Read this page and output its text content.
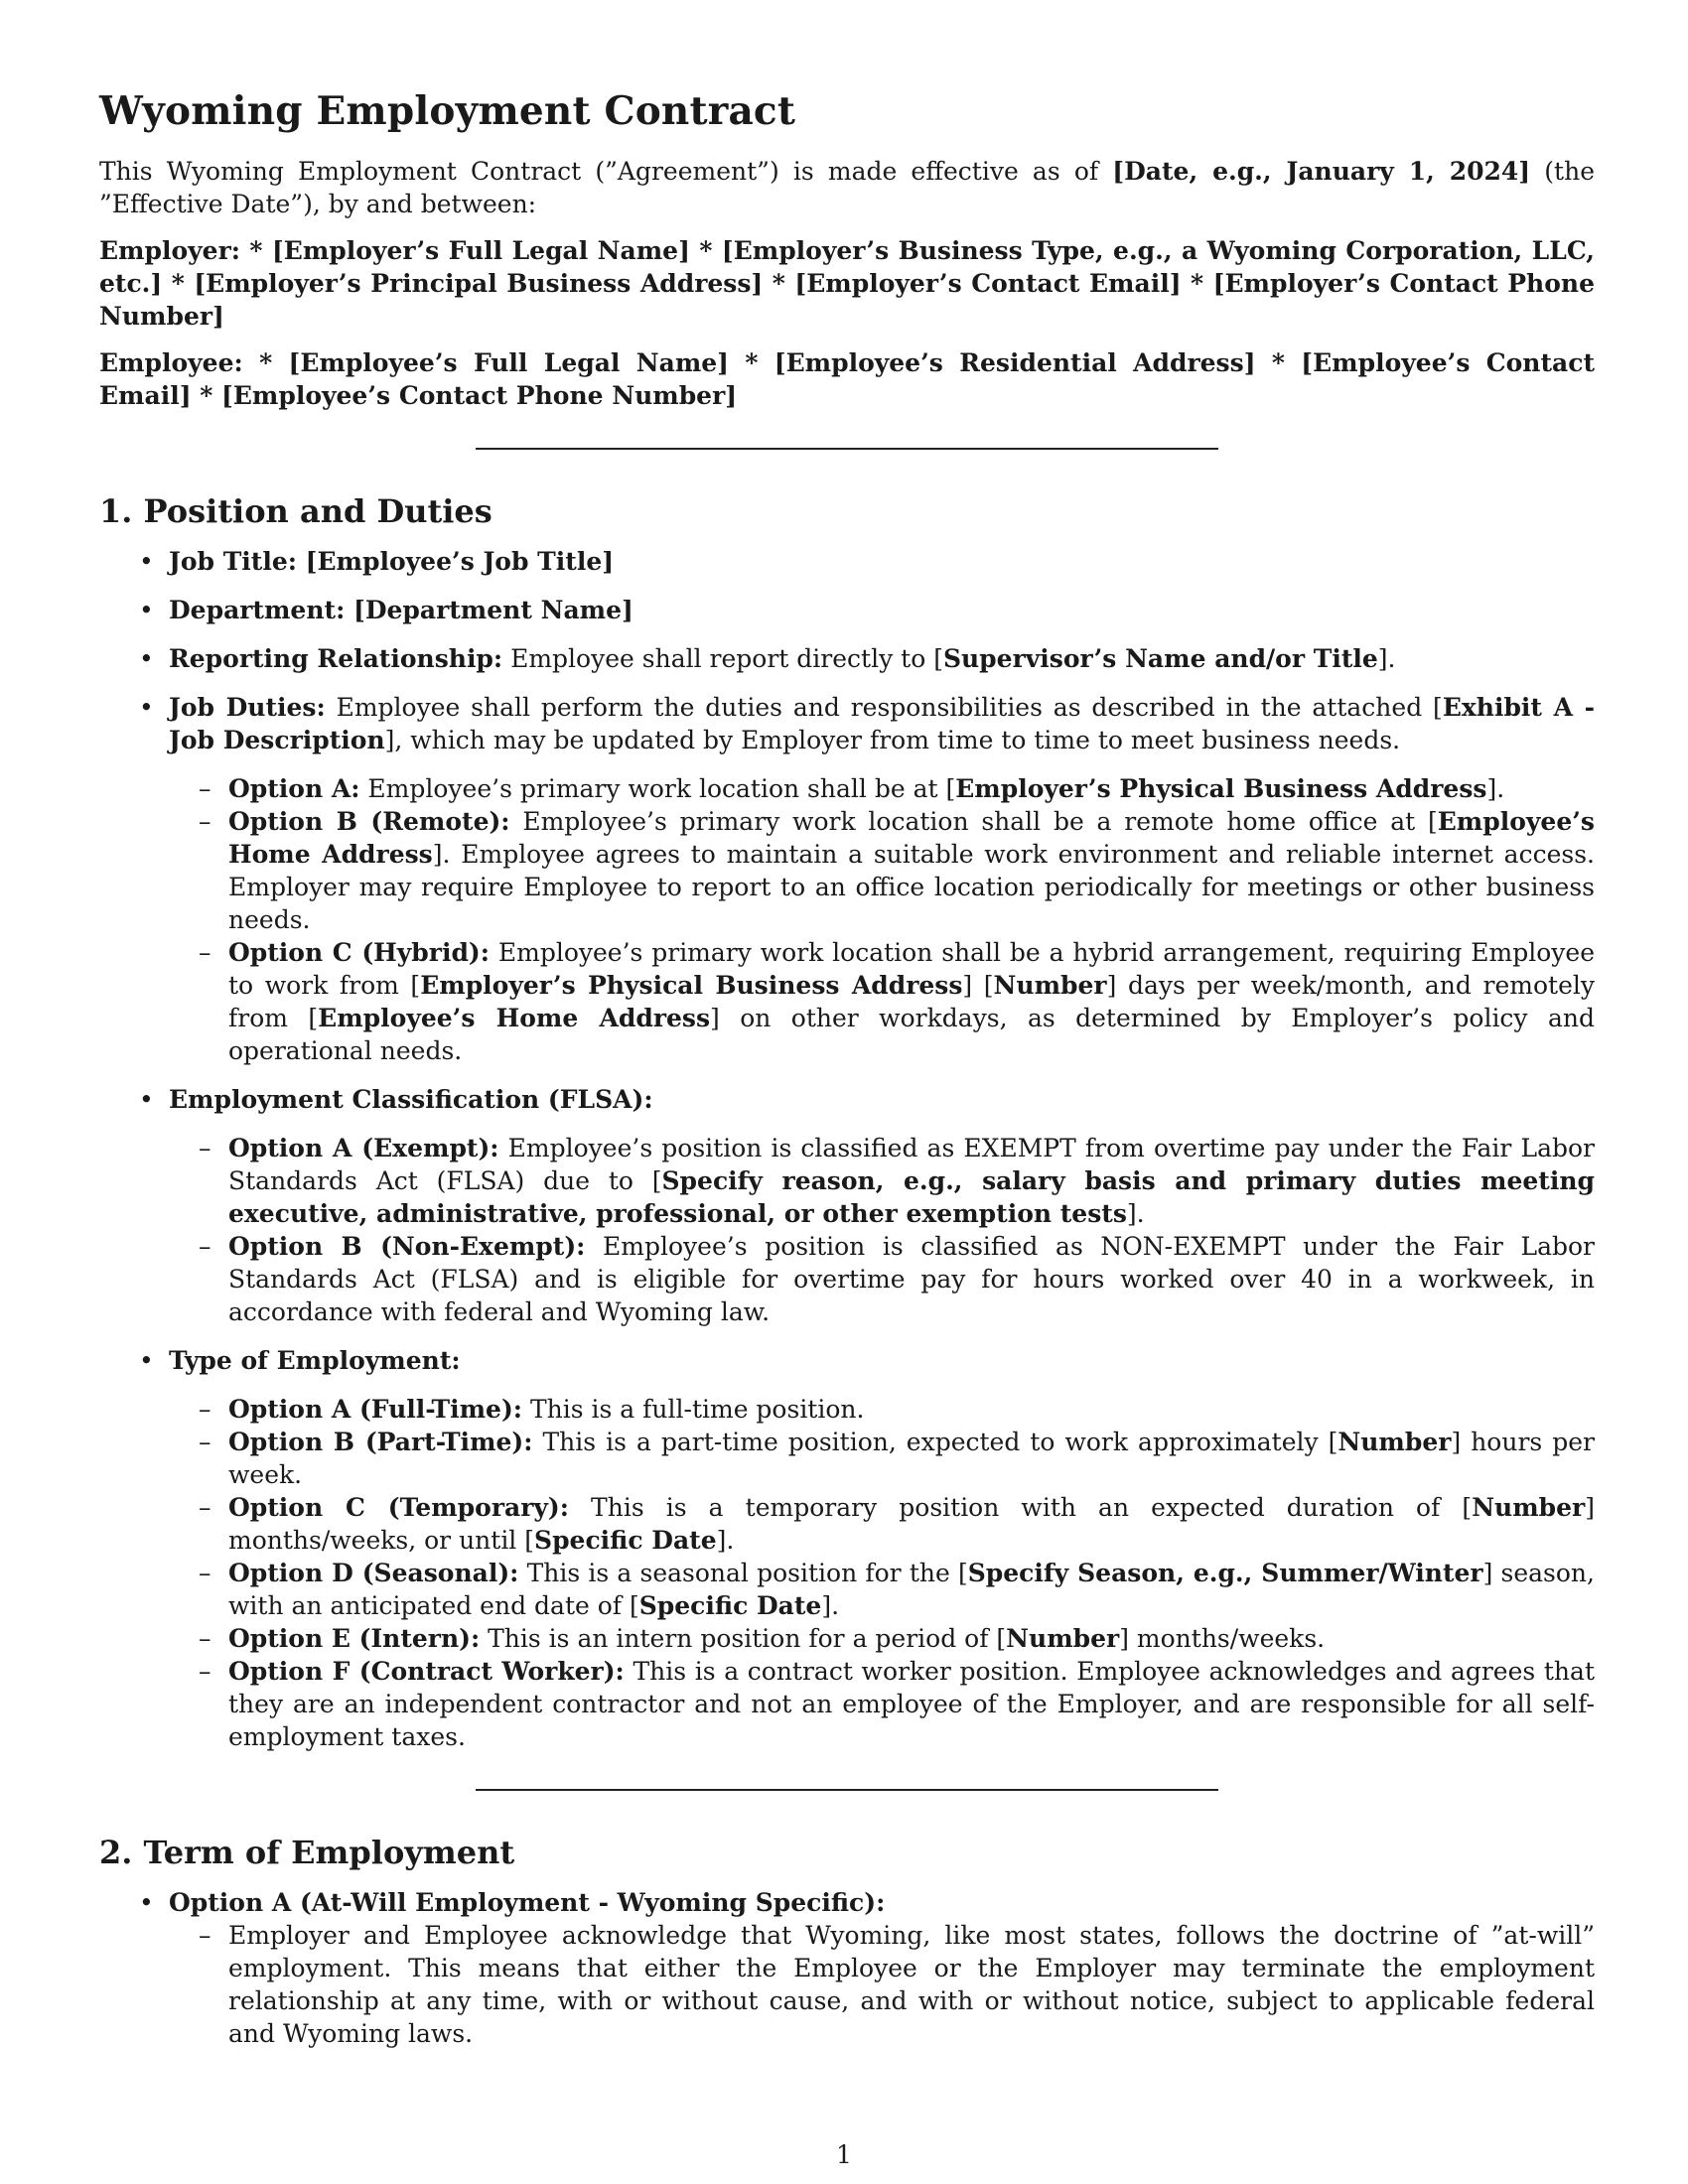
Wyoming Employment Contract

This Wyoming Employment Contract (”Agreement”) is made effective as of [Date, e.g., January 1, 2024] (the ”Effective Date”), by and between:

Employer: * [Employer’s Full Legal Name] * [Employer’s Business Type, e.g., a Wyoming Corporation, LLC, etc.] * [Employer’s Principal Business Address] * [Employer’s Contact Email] * [Employer’s Contact Phone Number]

Employee: * [Employee’s Full Legal Name] * [Employee’s Residential Address] * [Employee’s Contact Email] * [Employee’s Contact Phone Number]

1. Position and Duties
• Job Title: [Employee’s Job Title]
• Department: [Department Name]
• Reporting Relationship: Employee shall report directly to [Supervisor’s Name and/or Title].
• Job Duties: Employee shall perform the duties and responsibilities as described in the attached [Exhibit A - Job Description], which may be updated by Employer from time to time to meet business needs.
– Option A: Employee’s primary work location shall be at [Employer’s Physical Business Address].
– Option B (Remote): Employee’s primary work location shall be a remote home office at [Employee’s Home Address]. Employee agrees to maintain a suitable work environment and reliable internet access. Employer may require Employee to report to an office location periodically for meetings or other business needs.
– Option C (Hybrid): Employee’s primary work location shall be a hybrid arrangement, requiring Employee to work from [Employer’s Physical Business Address] [Number] days per week/month, and remotely from [Employee’s Home Address] on other workdays, as determined by Employer’s policy and operational needs.
• Employment Classification (FLSA):
– Option A (Exempt): Employee’s position is classified as EXEMPT from overtime pay under the Fair Labor Standards Act (FLSA) due to [Specify reason, e.g., salary basis and primary duties meeting executive, administrative, professional, or other exemption tests].
– Option B (Non-Exempt): Employee’s position is classified as NON-EXEMPT under the Fair Labor Standards Act (FLSA) and is eligible for overtime pay for hours worked over 40 in a workweek, in accordance with federal and Wyoming law.
• Type of Employment:
– Option A (Full-Time): This is a full-time position.
– Option B (Part-Time): This is a part-time position, expected to work approximately [Number] hours per week.
– Option C (Temporary): This is a temporary position with an expected duration of [Number] months/weeks, or until [Specific Date].
– Option D (Seasonal): This is a seasonal position for the [Specify Season, e.g., Summer/Winter] season, with an anticipated end date of [Specific Date].
– Option E (Intern): This is an intern position for a period of [Number] months/weeks.
– Option F (Contract Worker): This is a contract worker position. Employee acknowledges and agrees that they are an independent contractor and not an employee of the Employer, and are responsible for all self-employment taxes.
2. Term of Employment
• Option A (At-Will Employment - Wyoming Specific):
– Employer and Employee acknowledge that Wyoming, like most states, follows the doctrine of ”at-will” employment. This means that either the Employee or the Employer may terminate the employment relationship at any time, with or without cause, and with or without notice, subject to applicable federal and Wyoming laws.
1
